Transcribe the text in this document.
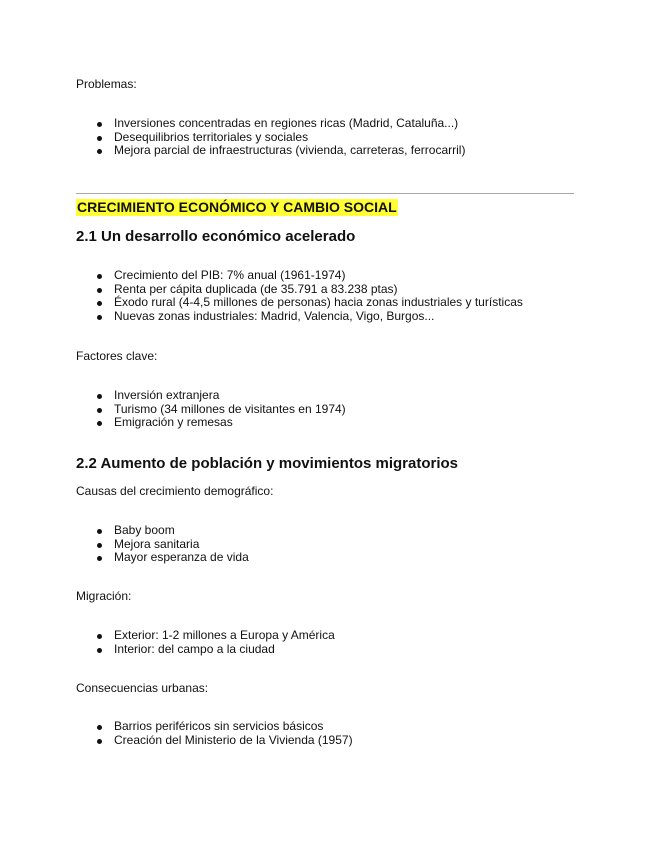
Problemas:
Inversiones concentradas en regiones ricas (Madrid, Cataluña...)
Desequilibrios territoriales y sociales
Mejora parcial de infraestructuras (vivienda, carreteras, ferrocarril)
CRECIMIENTO ECONÓMICO Y CAMBIO SOCIAL
2.1 Un desarrollo económico acelerado
Crecimiento del PIB: 7% anual (1961-1974)
Renta per cápita duplicada (de 35.791 a 83.238 ptas)
Éxodo rural (4-4,5 millones de personas) hacia zonas industriales y turísticas
Nuevas zonas industriales: Madrid, Valencia, Vigo, Burgos...
Factores clave:
Inversión extranjera
Turismo (34 millones de visitantes en 1974)
Emigración y remesas
2.2 Aumento de población y movimientos migratorios
Causas del crecimiento demográfico:
Baby boom
Mejora sanitaria
Mayor esperanza de vida
Migración:
Exterior: 1-2 millones a Europa y América
Interior: del campo a la ciudad
Consecuencias urbanas:
Barrios periféricos sin servicios básicos
Creación del Ministerio de la Vivienda (1957)
